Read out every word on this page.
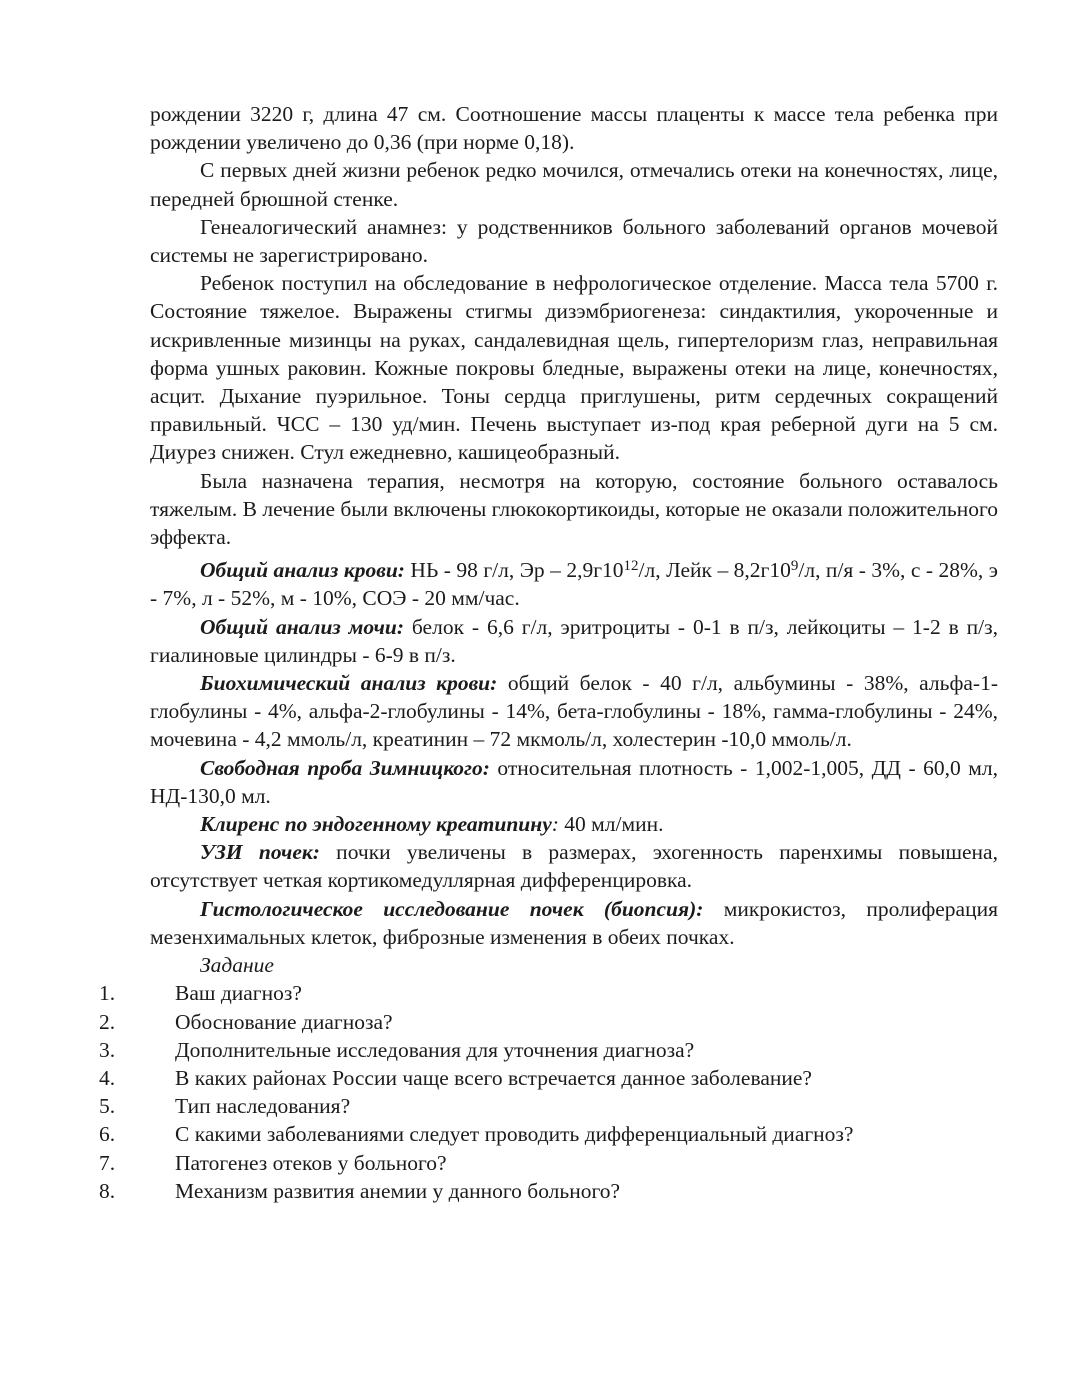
рождении 3220 г, длина 47 см. Соотношение массы плаценты к массе тела ребенка при рождении увеличено до 0,36 (при норме 0,18).

С первых дней жизни ребенок редко мочился, отмечались отеки на конечностях, лице, передней брюшной стенке.

Генеалогический анамнез: у родственников больного заболеваний органов мочевой системы не зарегистрировано.

Ребенок поступил на обследование в нефрологическое отделение. Масса тела 5700 г. Состояние тяжелое. Выражены стигмы дизэмбриогенеза: синдактилия, укороченные и искривленные мизинцы на руках, сандалевидная щель, гипертелоризм глаз, неправильная форма ушных раковин. Кожные покровы бледные, выражены отеки на лице, конечностях, асцит. Дыхание пуэрильное. Тоны сердца приглушены, ритм сердечных сокращений правильный. ЧСС – 130 уд/мин. Печень выступает из-под края реберной дуги на 5 см. Диурез снижен. Стул ежедневно, кашицеобразный.

Была назначена терапия, несмотря на которую, состояние больного оставалось тяжелым. В лечение были включены глюкокортикоиды, которые не оказали положительного эффекта.

Общий анализ крови: НЬ - 98 г/л, Эр – $2,9г10^{12}/л$, Лейк – $8,2г10^9/л$, п/я - 3%, с - 28%, э - 7%, л - 52%, м - 10%, СОЭ - 20 мм/час.

Общий анализ мочи: белок - 6,6 г/л, эритроциты - 0-1 в п/з, лейкоциты – 1-2 в п/з, гиалиновые цилиндры - 6-9 в п/з.

Биохимический анализ крови: общий белок - 40 г/л, альбумины - 38%, альфа-1-глобулины - 4%, альфа-2-глобулины - 14%, бета-глобулины - 18%, гамма-глобулины - 24%, мочевина - 4,2 ммоль/л, креатинин – 72 мкмоль/л, холестерин -10,0 ммоль/л.

Свободная проба Зимницкого: относительная плотность - 1,002-1,005, ДД - 60,0 мл, НД-130,0 мл.

Клиренс по эндогенному креатипину: 40 мл/мин.

УЗИ почек: почки увеличены в размерах, эхогенность паренхимы повышена, отсутствует четкая кортикомедуллярная дифференцировка.

Гистологическое исследование почек (биопсия): микрокистоз, пролиферация мезенхимальных клеток, фиброзные изменения в обеих почках.

Задание

1.	Ваш диагноз?
2.	Обоснование диагноза?
3.	Дополнительные исследования для уточнения диагноза?
4.	В каких районах России чаще всего встречается данное заболевание?
5.	Тип наследования?
6.	С какими заболеваниями следует проводить дифференциальный диагноз?
7.	Патогенез отеков у больного?
8.	Механизм развития анемии у данного больного?
